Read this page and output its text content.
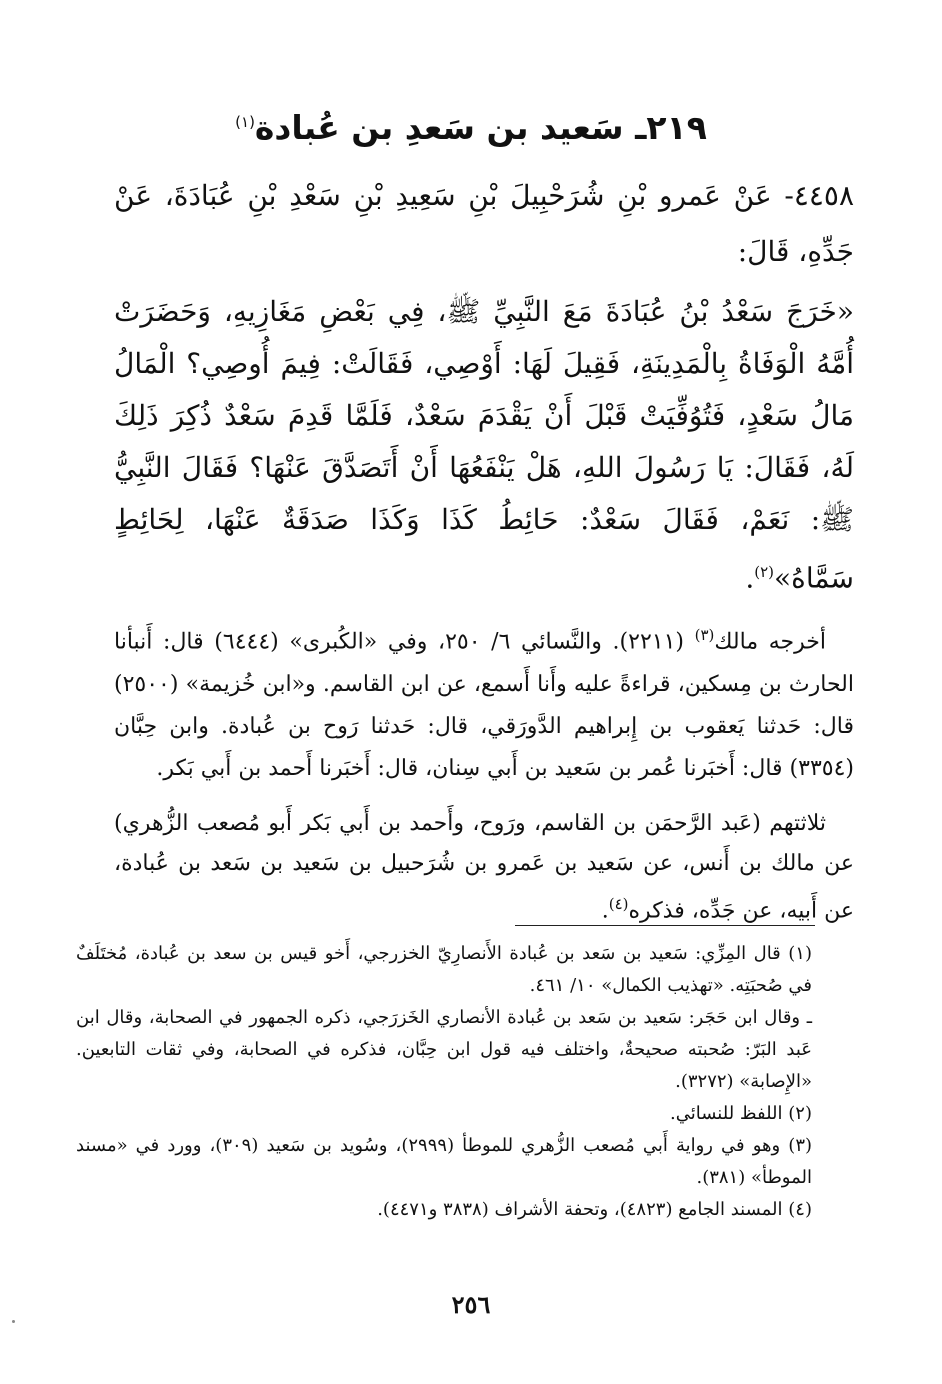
٢١٩ـ سَعيد بن سَعدِ بن عُبادة$^{(١)}$

٤٤٥٨- عَنْ عَمرو بْنِ شُرَحْبِيلَ بْنِ سَعِيدِ بْنِ سَعْدِ بْنِ عُبَادَةَ، عَنْ جَدِّهِ، قَالَ:

«خَرَجَ سَعْدُ بْنُ عُبَادَةَ مَعَ النَّبِيِّ ﷺ، فِي بَعْضِ مَغَازِيهِ، وَحَضَرَتْ أُمَّهُ الْوَفَاةُ بِالْمَدِينَةِ، فَقِيلَ لَهَا: أَوْصِي، فَقَالَتْ: فِيمَ أُوصِي؟ الْمَالُ مَالُ سَعْدٍ، فَتُوُفِّيَتْ قَبْلَ أَنْ يَقْدَمَ سَعْدٌ، فَلَمَّا قَدِمَ سَعْدٌ ذُكِرَ ذَلِكَ لَهُ، فَقَالَ: يَا رَسُولَ اللهِ، هَلْ يَنْفَعُهَا أَنْ أَتَصَدَّقَ عَنْهَا؟ فَقَالَ النَّبِيُّ ﷺ: نَعَمْ، فَقَالَ سَعْدٌ: حَائِطُ كَذَا وَكَذَا صَدَقَةٌ عَنْهَا، لِحَائِطٍ سَمَّاهُ»$^{(٢)}$.

أخرجه مالك$^{(٣)}$ (٢٢١١). والنَّسائي ٦/ ٢٥٠، وفي «الكُبرى» (٦٤٤٤) قال: أَنبأنا الحارث بن مِسكين، قراءةً عليه وأَنا أَسمع، عن ابن القاسم. و«ابن خُزيمة» (٢٥٠٠) قال: حَدثنا يَعقوب بن إِبراهيم الدَّورَقي، قال: حَدثنا رَوح بن عُبادة. وابن حِبَّان (٣٣٥٤) قال: أَخبَرنا عُمر بن سَعيد بن أَبي سِنان، قال: أَخبَرنا أَحمد بن أَبي بَكر.

ثلاثتهم (عَبد الرَّحمَن بن القاسم، ورَوح، وأَحمد بن أَبي بَكر أَبو مُصعب الزُّهري) عن مالك بن أَنس، عن سَعيد بن عَمرو بن شُرَحبيل بن سَعيد بن سَعد بن عُبادة، عن أَبيه، عن جَدِّه، فذكره$^{(٤)}$.

(١) قال المِزِّي: سَعيد بن سَعد بن عُبادة الأَنصارِيّ الخزرجي، أَخو قيس بن سعد بن عُبادة، مُختَلَفٌ في صُحبَتِه. «تهذيب الكمال» ١٠/ ٤٦١.

ـ وقال ابن حَجَر: سَعيد بن سَعد بن عُبادة الأنصاري الخَزرَجي، ذكره الجمهور في الصحابة، وقال ابن عَبد البَرّ: صُحبته صحيحةٌ، واختلف فيه قول ابن حِبَّان، فذكره في الصحابة، وفي ثقات التابعين. «الإِصابة» (٣٢٧٢).

(٢) اللفظ للنسائي.

(٣) وهو في رواية أَبي مُصعب الزُّهري للموطأ (٢٩٩٩)، وسُويد بن سَعيد (٣٠٩)، وورد في «مسند الموطأ» (٣٨١).

(٤) المسند الجامع (٤٨٢٣)، وتحفة الأشراف (٣٨٣٨ و٤٤٧١).

٢٥٦
